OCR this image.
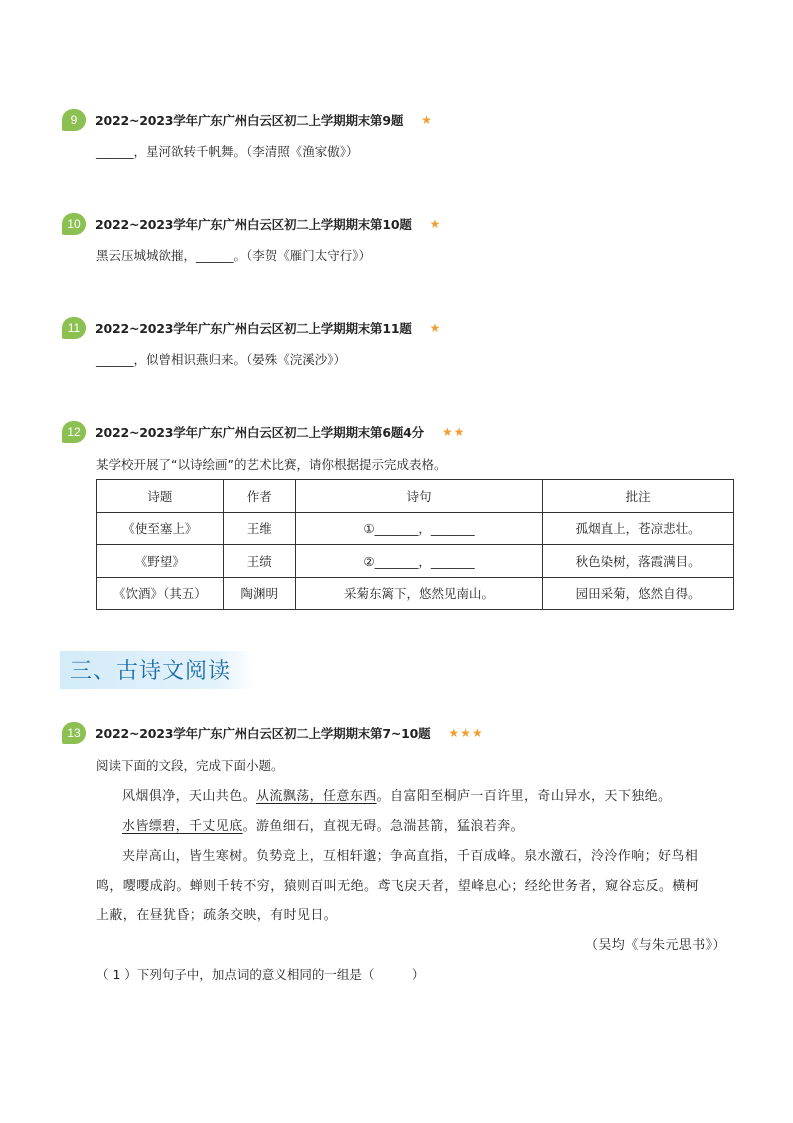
9	2022~2023学年广东广州白云区初二上学期期末第9题 ★
______，星河欲转千帆舞。（李清照《渔家傲》）
10	2022~2023学年广东广州白云区初二上学期期末第10题 ★
黑云压城城欲摧，______。（李贺《雁门太守行》）
11	2022~2023学年广东广州白云区初二上学期期末第11题 ★
______，似曾相识燕归来。（晏殊《浣溪沙》）
12	2022~2023学年广东广州白云区初二上学期期末第6题4分 ★★
某学校开展了“以诗绘画”的艺术比赛，请你根据提示完成表格。
诗题	作者	诗句	批注
《使至塞上》	王维	①_______，_______	孤烟直上，苍凉悲壮。
《野望》	王绩	②_______，_______	秋色染树，落霞满目。
《饮酒》（其五）	陶渊明	采菊东篱下，悠然见南山。	园田采菊，悠然自得。
三、古诗文阅读
13	2022~2023学年广东广州白云区初二上学期期末第7~10题 ★★★
阅读下面的文段，完成下面小题。
风烟俱净，天山共色。从流飘荡，任意东西。自富阳至桐庐一百许里，奇山异水，天下独绝。
水皆缥碧，千丈见底。游鱼细石，直视无碍。急湍甚箭，猛浪若奔。
夹岸高山，皆生寒树。负势竞上，互相轩邈；争高直指，千百成峰。泉水激石，泠泠作响；好鸟相
鸣，嘤嘤成韵。蝉则千转不穷，猿则百叫无绝。鸢飞戾天者，望峰息心；经纶世务者，窥谷忘反。横柯
上蔽，在昼犹昏；疏条交映，有时见日。
（吴均《与朱元思书》）
（ 1 ）下列句子中，加点词的意义相同的一组是（　　　）
